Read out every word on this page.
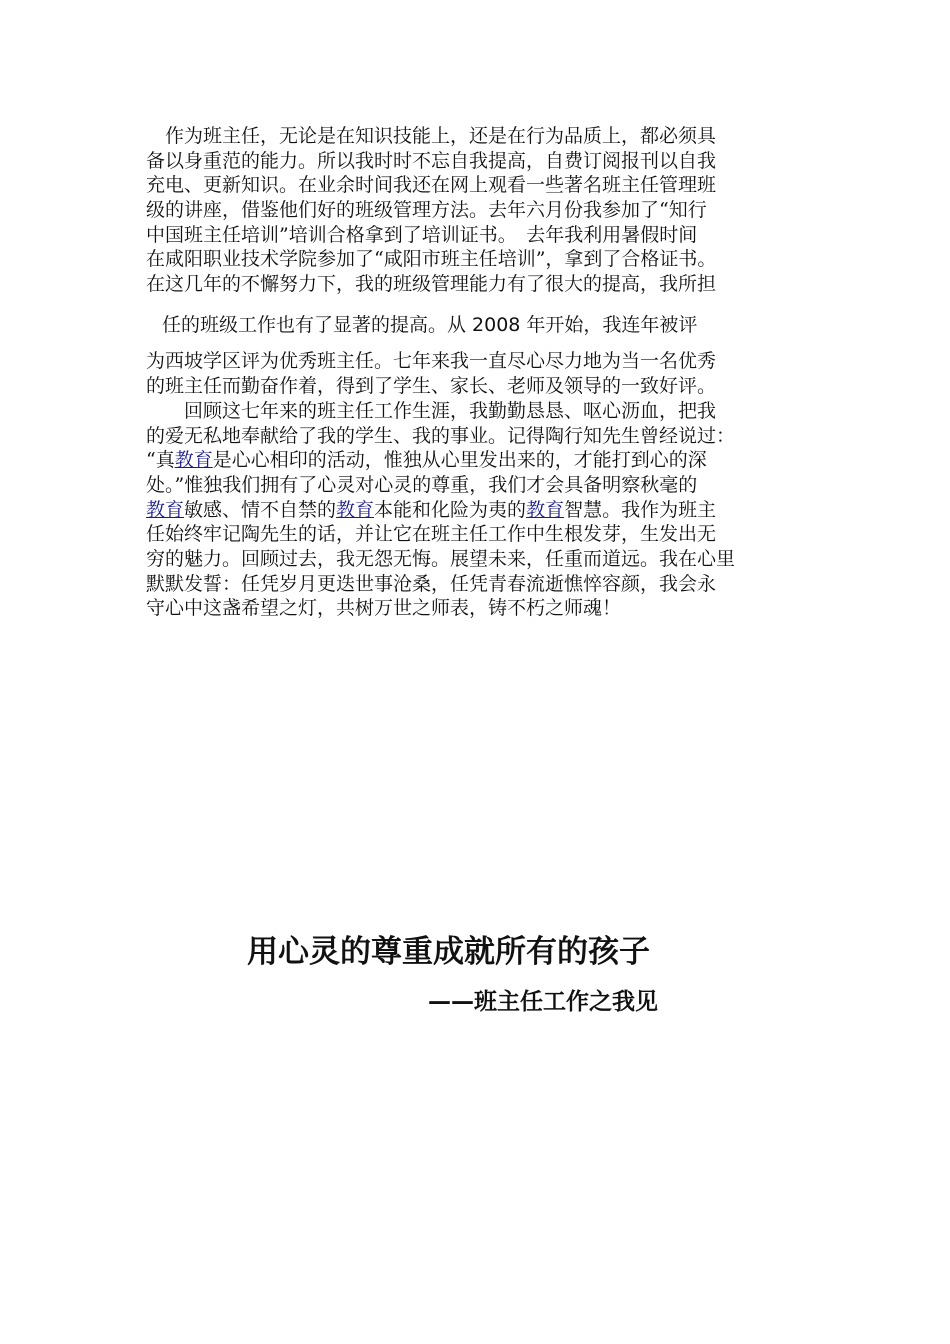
　作为班主任，无论是在知识技能上，还是在行为品质上，都必须具
备以身重范的能力。所以我时时不忘自我提高，自费订阅报刊以自我
充电、更新知识。在业余时间我还在网上观看一些著名班主任管理班
级的讲座，借鉴他们好的班级管理方法。去年六月份我参加了“知行
中国班主任培训”培训合格拿到了培训证书。　去年我利用暑假时间
在咸阳职业技术学院参加了“咸阳市班主任培训”，拿到了合格证书。
在这几年的不懈努力下，我的班级管理能力有了很大的提高，我所担
任的班级工作也有了显著的提高。从 2008 年开始，我连年被评
为西坡学区评为优秀班主任。七年来我一直尽心尽力地为当一名优秀
的班主任而勤奋作着，得到了学生、家长、老师及领导的一致好评。
　　回顾这七年来的班主任工作生涯，我勤勤恳恳、呕心沥血，把我
的爱无私地奉献给了我的学生、我的事业。记得陶行知先生曾经说过：
“真教育是心心相印的活动，惟独从心里发出来的，才能打到心的深
处。”惟独我们拥有了心灵对心灵的尊重，我们才会具备明察秋毫的
教育敏感、情不自禁的教育本能和化险为夷的教育智慧。我作为班主
任始终牢记陶先生的话，并让它在班主任工作中生根发芽，生发出无
穷的魅力。回顾过去，我无怨无悔。展望未来，任重而道远。我在心里
默默发誓：任凭岁月更迭世事沧桑，任凭青春流逝憔悴容颜，我会永
守心中这盏希望之灯，共树万世之师表，铸不朽之师魂！
用心灵的尊重成就所有的孩子
——班主任工作之我见
